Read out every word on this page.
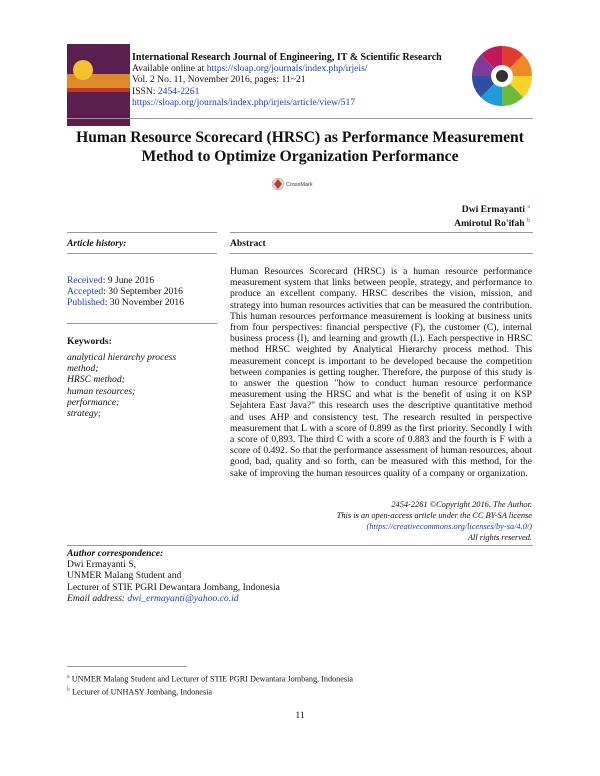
International Research Journal of Engineering, IT & Scientific Research
Available online at https://sloap.org/journals/index.php/irjeis/
Vol. 2 No. 11, November 2016, pages: 11~21
ISSN: 2454-2261
https://sloap.org/journals/index.php/irjeis/article/view/517
Human Resource Scorecard (HRSC) as Performance Measurement
Method to Optimize Organization Performance
CrossMark
Dwi Ermayanti $^a$
Amirotul Ro'ifah $^b$
Article history:	Abstract
Received: 9 June 2016
Accepted: 30 September 2016
Published: 30 November 2016
Keywords:
analytical hierarchy process
method;
HRSC method;
human resources;
performance;
strategy;
Human Resources Scorecard (HRSC) is a human resource performance measurement system that links between people, strategy, and performance to produce an excellent company. HRSC describes the vision, mission, and strategy into human resources activities that can be measured the contribution. This human resources performance measurement is looking at business units from four perspectives: financial perspective (F), the customer (C), internal business process (I), and learning and growth (L). Each perspective in HRSC method HRSC weighted by Analytical Hierarchy process method. This measurement concept is important to be developed because the competition between companies is getting tougher. Therefore, the purpose of this study is to answer the question "how to conduct human resource performance measurement using the HRSC and what is the benefit of using it on KSP Sejahtera East Java?" this research uses the descriptive quantitative method and uses AHP and consistency test. The research resulted in perspective measurement that L with a score of 0.899 as the first priority. Secondly I with a score of 0,893. The third C with a score of 0.883 and the fourth is F with a score of 0.492. So that the performance assessment of human resources, about good, bad, quality and so forth, can be measured with this method, for the sake of improving the human resources quality of a company or organization.
2454-2261 ©Copyright 2016. The Author.
This is an open-access article under the CC BY-SA license
(https://creativecommons.org/licenses/by-sa/4.0/)
All rights reserved.
Author correspondence:
Dwi Ermayanti S,
UNMER Malang Student and
Lecturer of STIE PGRI Dewantara Jombang, Indonesia
Email address: dwi_ermayanti@yahoo.co.id
$^a$ UNMER Malang Student and Lecturer of STIE PGRI Dewantara Jombang, Indonesia
$^b$ Lecturer of UNHASY Jombang, Indonesia
11
